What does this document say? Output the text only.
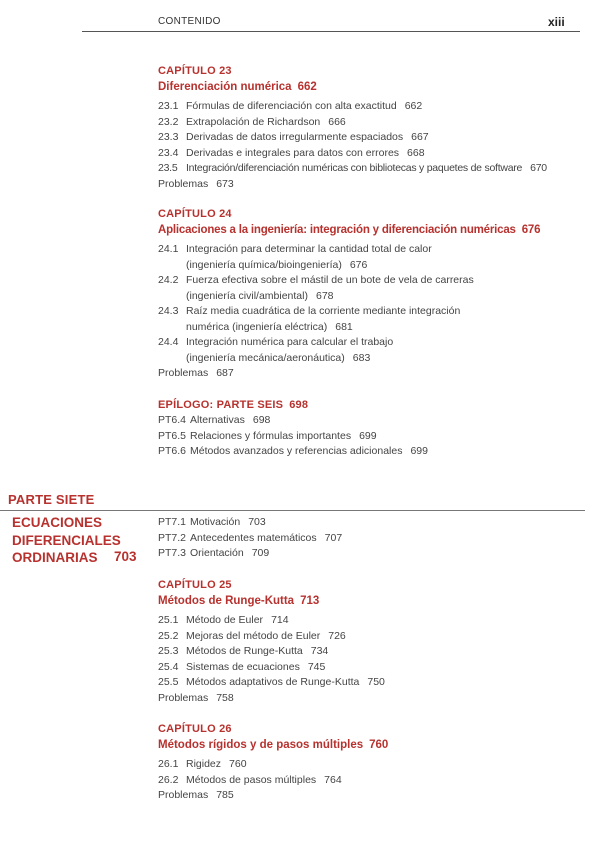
CONTENIDO	xiii
CAPÍTULO 23
Diferenciación numérica 662
23.1 Fórmulas de diferenciación con alta exactitud 662
23.2 Extrapolación de Richardson 666
23.3 Derivadas de datos irregularmente espaciados 667
23.4 Derivadas e integrales para datos con errores 668
23.5 Integración/diferenciación numéricas con bibliotecas y paquetes de software 670
Problemas 673
CAPÍTULO 24
Aplicaciones a la ingeniería: integración y diferenciación numéricas 676
24.1 Integración para determinar la cantidad total de calor
(ingeniería química/bioingeniería) 676
24.2 Fuerza efectiva sobre el mástil de un bote de vela de carreras
(ingeniería civil/ambiental) 678
24.3 Raíz media cuadrática de la corriente mediante integración
numérica (ingeniería eléctrica) 681
24.4 Integración numérica para calcular el trabajo
(ingeniería mecánica/aeronáutica) 683
Problemas 687
EPÍLOGO: PARTE SEIS 698
PT6.4 Alternativas 698
PT6.5 Relaciones y fórmulas importantes 699
PT6.6 Métodos avanzados y referencias adicionales 699
PARTE SIETE
ECUACIONES
DIFERENCIALES
ORDINARIAS	703
PT7.1 Motivación 703
PT7.2 Antecedentes matemáticos 707
PT7.3 Orientación 709
CAPÍTULO 25
Métodos de Runge-Kutta 713
25.1 Método de Euler 714
25.2 Mejoras del método de Euler 726
25.3 Métodos de Runge-Kutta 734
25.4 Sistemas de ecuaciones 745
25.5 Métodos adaptativos de Runge-Kutta 750
Problemas 758
CAPÍTULO 26
Métodos rígidos y de pasos múltiples 760
26.1 Rigidez 760
26.2 Métodos de pasos múltiples 764
Problemas 785
